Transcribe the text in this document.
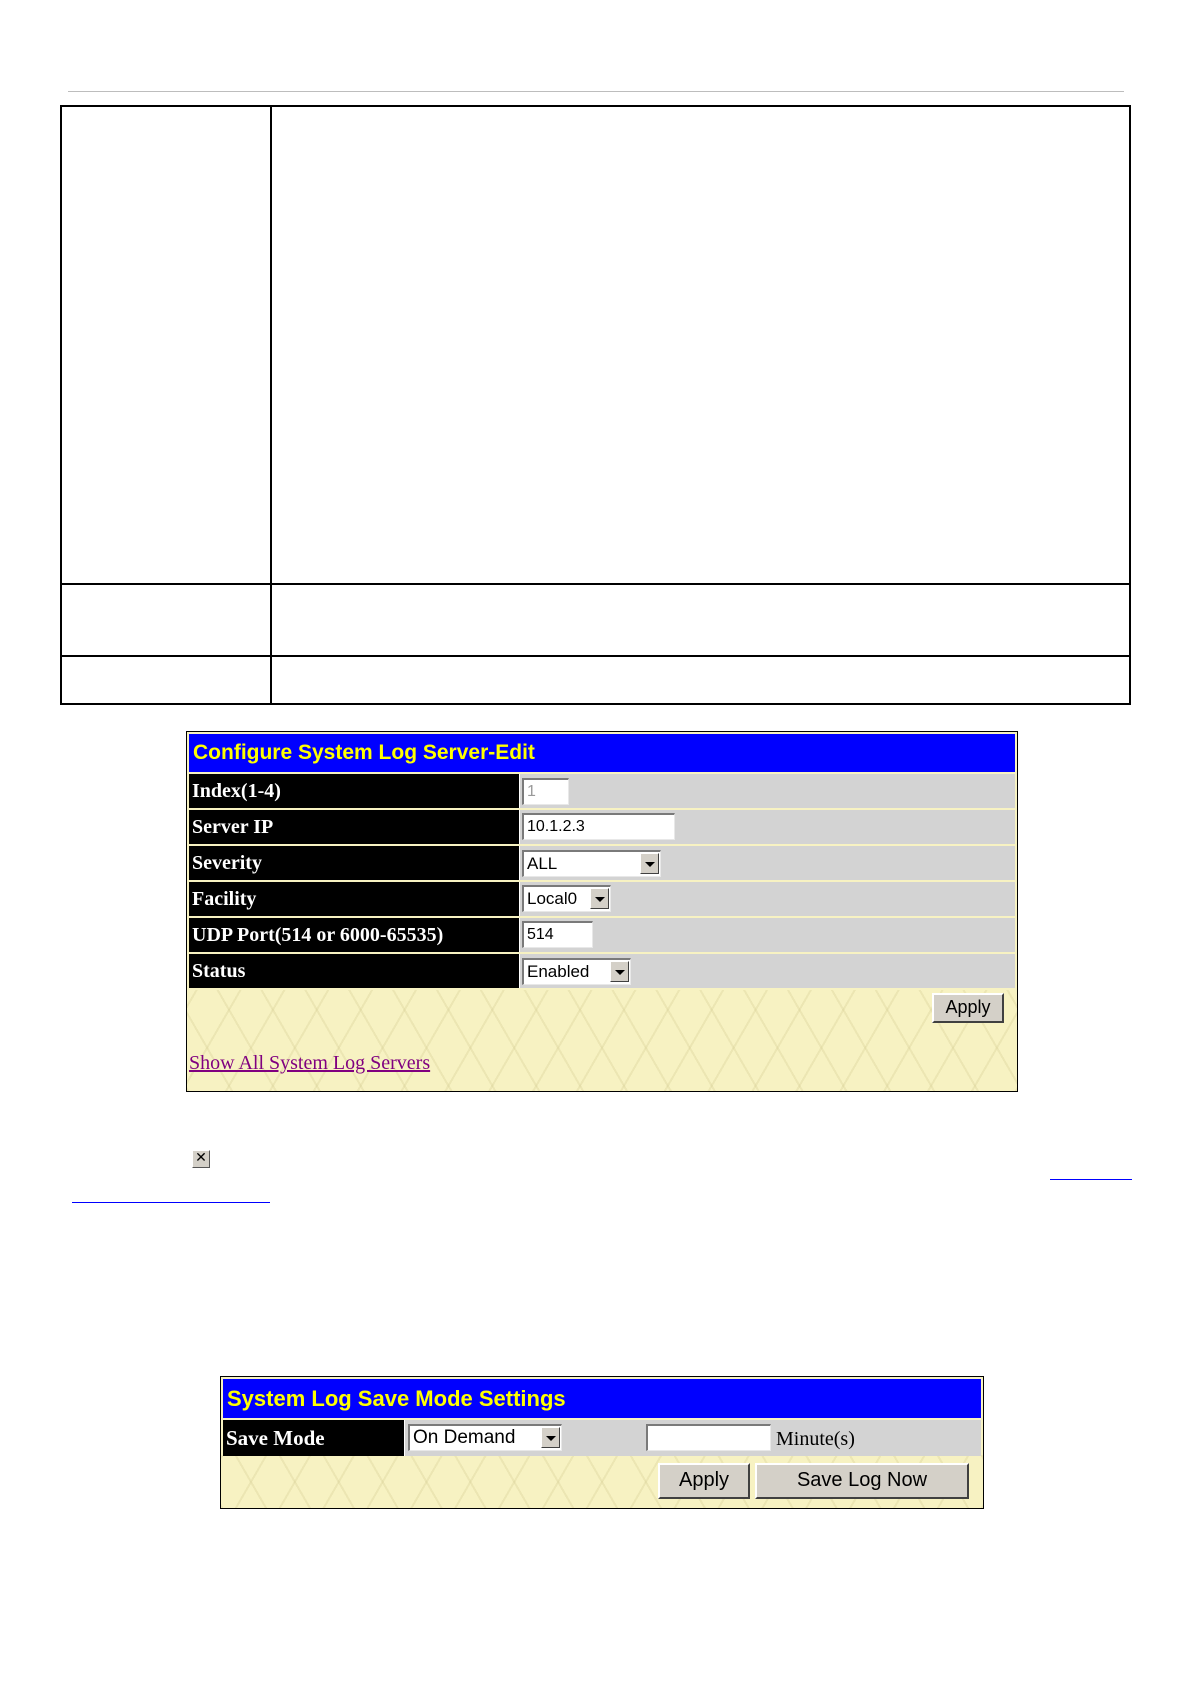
Configure System Log Server-Edit
Index(1-4)	1
Server IP	10.1.2.3
Severity	ALL
Facility	Local0
UDP Port(514 or 6000-65535)	514
Status	Enabled
Apply
Show All System Log Servers
✕
System Log Save Mode Settings
Save Mode	On Demand	Minute(s)
Apply	Save Log Now
